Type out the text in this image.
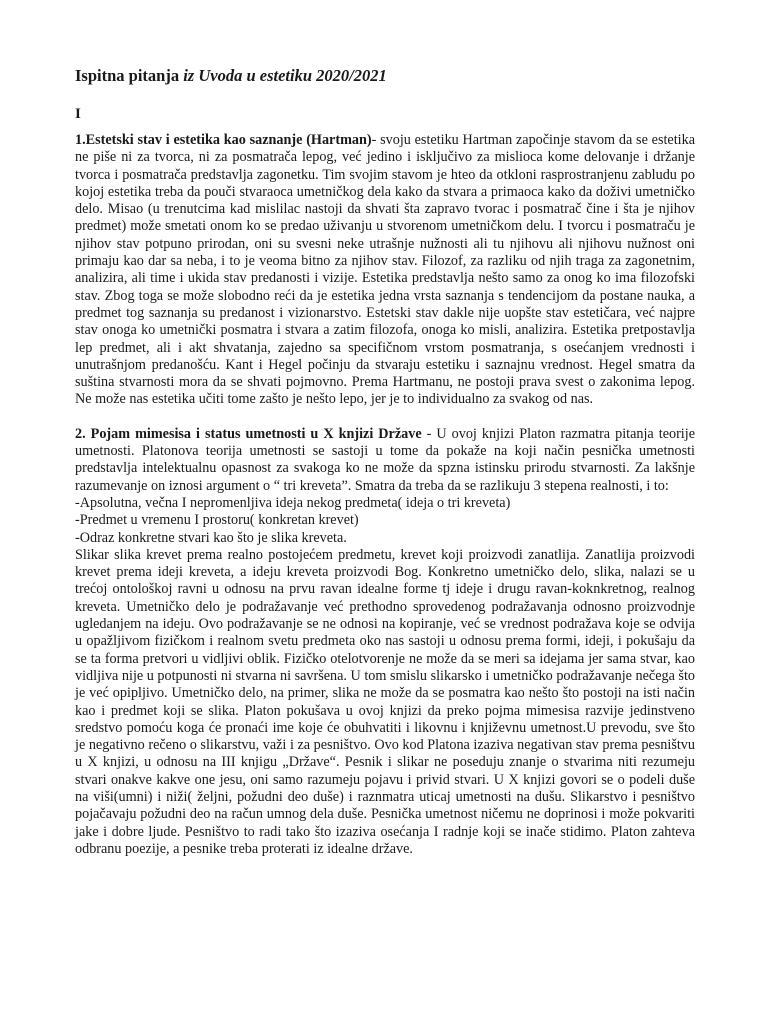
Ispitna pitanja iz Uvoda u estetiku 2020/2021
I

1.Estetski stav i estetika kao saznanje (Hartman)- svoju estetiku Hartman započinje stavom da se estetika ne piše ni za tvorca, ni za posmatrača lepog, već jedino i isključivo za mislioca kome delovanje i držanje tvorca i posmatrača predstavlja zagonetku. Tim svojim stavom je hteo da otkloni rasprostranjenu zabludu po kojoj estetika treba da pouči stvaraoca umetničkog dela kako da stvara a primaoca kako da doživi umetničko delo. Misao (u trenutcima kad mislilac nastoji da shvati šta zapravo tvorac i posmatrač čine i šta je njihov predmet) može smetati onom ko se predao uživanju u stvorenom umetničkom delu. I tvorcu i posmatraču je njihov stav potpuno prirodan, oni su svesni neke utrašnje nužnosti ali tu njihovu ali njihovu nužnost oni primaju kao dar sa neba, i to je veoma bitno za njihov stav. Filozof, za razliku od njih traga za zagonetnim, analizira, ali time i ukida stav predanosti i vizije. Estetika predstavlja nešto samo za onog ko ima filozofski stav. Zbog toga se može slobodno reći da je estetika jedna vrsta saznanja s tendencijom da postane nauka, a predmet tog saznanja su predanost i vizionarstvo. Estetski stav dakle nije uopšte stav estetičara, već najpre stav onoga ko umetnički posmatra i stvara a zatim filozofa, onoga ko misli, analizira. Estetika pretpostavlja lep predmet, ali i akt shvatanja, zajedno sa specifičnom vrstom posmatranja, s osećanjem vrednosti i unutrašnjom predanošću. Kant i Hegel počinju da stvaraju estetiku i saznajnu vrednost. Hegel smatra da suština stvarnosti mora da se shvati pojmovno. Prema Hartmanu, ne postoji prava svest o zakonima lepog. Ne može nas estetika učiti tome zašto je nešto lepo, jer je to individualno za svakog od nas.

2. Pojam mimesisa i status umetnosti u X knjizi Države - U ovoj knjizi Platon razmatra pitanja teorije umetnosti. Platonova teorija umetnosti se sastoji u tome da pokaže na koji način pesnička umetnosti predstavlja intelektualnu opasnost za svakoga ko ne može da spzna istinsku prirodu stvarnosti. Za lakšnje razumevanje on iznosi argument o “ tri kreveta”. Smatra da treba da se razlikuju 3 stepena realnosti, i to:

-Apsolutna, večna I nepromenljiva ideja nekog predmeta( ideja o tri kreveta)

-Predmet u vremenu I prostoru( konkretan krevet)

-Odraz konkretne stvari kao što je slika kreveta.

Slikar slika krevet prema realno postojećem predmetu, krevet koji proizvodi zanatlija. Zanatlija proizvodi krevet prema ideji kreveta, a ideju kreveta proizvodi Bog. Konkretno umetničko delo, slika, nalazi se u trećoj ontološkoj ravni u odnosu na prvu ravan idealne forme tj ideje i drugu ravan-koknkretnog, realnog kreveta. Umetničko delo je podražavanje već prethodno sprovedenog podražavanja odnosno proizvodnje ugledanjem na ideju. Ovo podražavanje se ne odnosi na kopiranje, već se vrednost podražava koje se odvija u opažljivom fizičkom i realnom svetu predmeta oko nas sastoji u odnosu prema formi, ideji, i pokušaju da se ta forma pretvori u vidljivi oblik. Fizičko otelotvorenje ne može da se meri sa idejama jer sama stvar, kao vidljiva nije u potpunosti ni stvarna ni savršena. U tom smislu slikarsko i umetničko podražavanje nečega što je već opipljivo. Umetničko delo, na primer, slika ne može da se posmatra kao nešto što postoji na isti način kao i predmet koji se slika. Platon pokušava u ovoj knjizi da preko pojma mimesisa razvije jedinstveno sredstvo pomoću koga će pronaći ime koje će obuhvatiti i likovnu i književnu umetnost.U prevodu, sve što je negativno rečeno o slikarstvu, važi i za pesništvo. Ovo kod Platona izaziva negativan stav prema pesništvu u X knjizi, u odnosu na III knjigu „Države“. Pesnik i slikar ne poseduju znanje o stvarima niti rezumeju stvari onakve kakve one jesu, oni samo razumeju pojavu i privid stvari. U X knjizi govori se o podeli duše na viši(umni) i niži( željni, požudni deo duše) i raznmatra uticaj umetnosti na dušu. Slikarstvo i pesništvo pojačavaju požudni deo na račun umnog dela duše. Pesnička umetnost ničemu ne doprinosi i može pokvariti jake i dobre ljude. Pesništvo to radi tako što izaziva osećanja I radnje koji se inače stidimo. Platon zahteva odbranu poezije, a pesnike treba proterati iz idealne države.
